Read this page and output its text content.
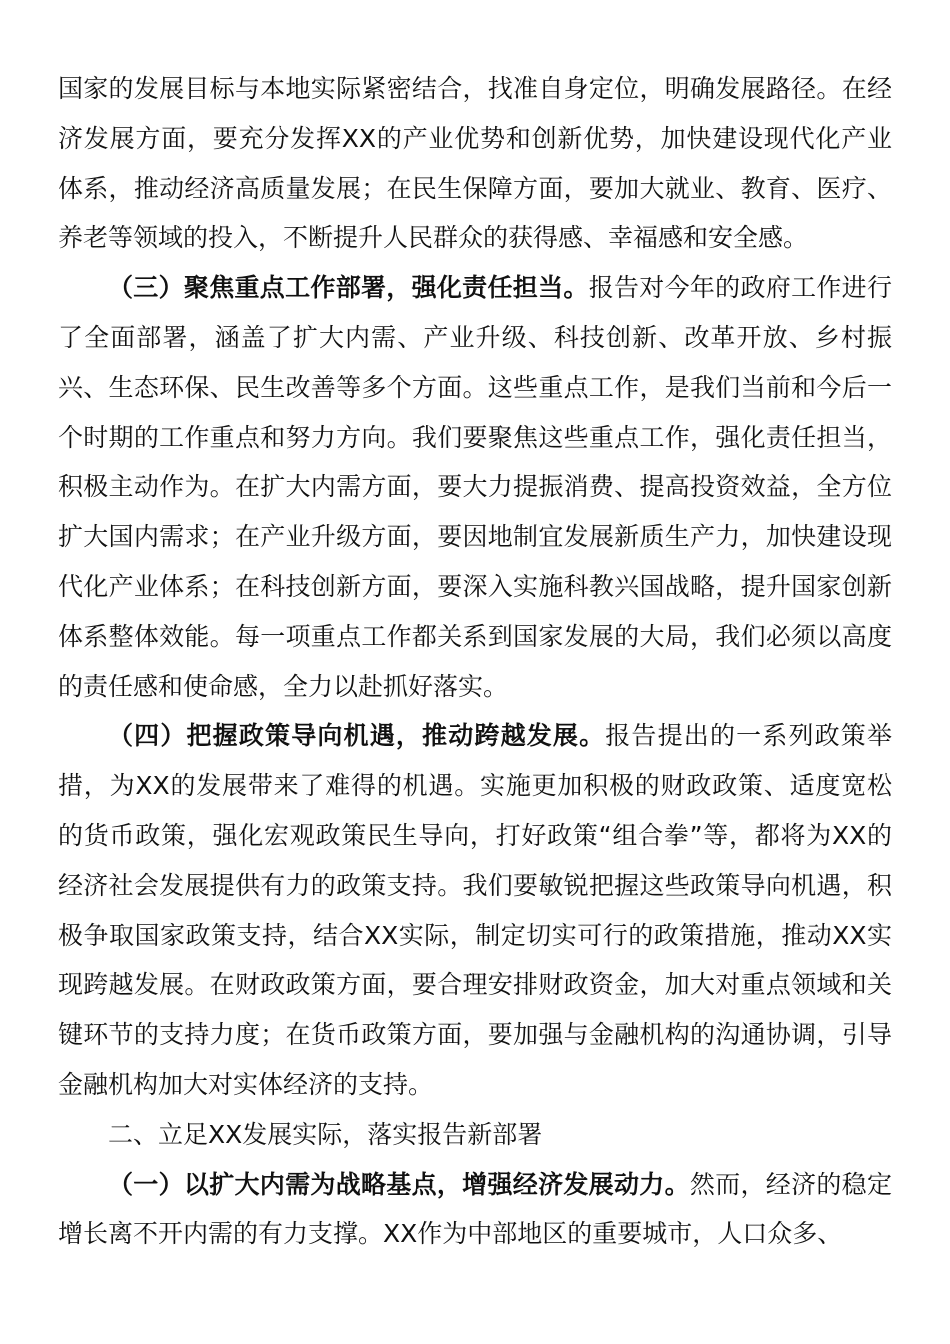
国家的发展目标与本地实际紧密结合，找准自身定位，明确发展路径。在经济发展方面，要充分发挥XX的产业优势和创新优势，加快建设现代化产业体系，推动经济高质量发展；在民生保障方面，要加大就业、教育、医疗、养老等领域的投入，不断提升人民群众的获得感、幸福感和安全感。

（三）聚焦重点工作部署，强化责任担当。报告对今年的政府工作进行了全面部署，涵盖了扩大内需、产业升级、科技创新、改革开放、乡村振兴、生态环保、民生改善等多个方面。这些重点工作，是我们当前和今后一个时期的工作重点和努力方向。我们要聚焦这些重点工作，强化责任担当，积极主动作为。在扩大内需方面，要大力提振消费、提高投资效益，全方位扩大国内需求；在产业升级方面，要因地制宜发展新质生产力，加快建设现代化产业体系；在科技创新方面，要深入实施科教兴国战略，提升国家创新体系整体效能。每一项重点工作都关系到国家发展的大局，我们必须以高度的责任感和使命感，全力以赴抓好落实。

（四）把握政策导向机遇，推动跨越发展。报告提出的一系列政策举措，为XX的发展带来了难得的机遇。实施更加积极的财政政策、适度宽松的货币政策，强化宏观政策民生导向，打好政策“组合拳”等，都将为XX的经济社会发展提供有力的政策支持。我们要敏锐把握这些政策导向机遇，积极争取国家政策支持，结合XX实际，制定切实可行的政策措施，推动XX实现跨越发展。在财政政策方面，要合理安排财政资金，加大对重点领域和关键环节的支持力度；在货币政策方面，要加强与金融机构的沟通协调，引导金融机构加大对实体经济的支持。

二、立足XX发展实际，落实报告新部署

（一）以扩大内需为战略基点，增强经济发展动力。然而，经济的稳定增长离不开内需的有力支撑。XX作为中部地区的重要城市，人口众多、
